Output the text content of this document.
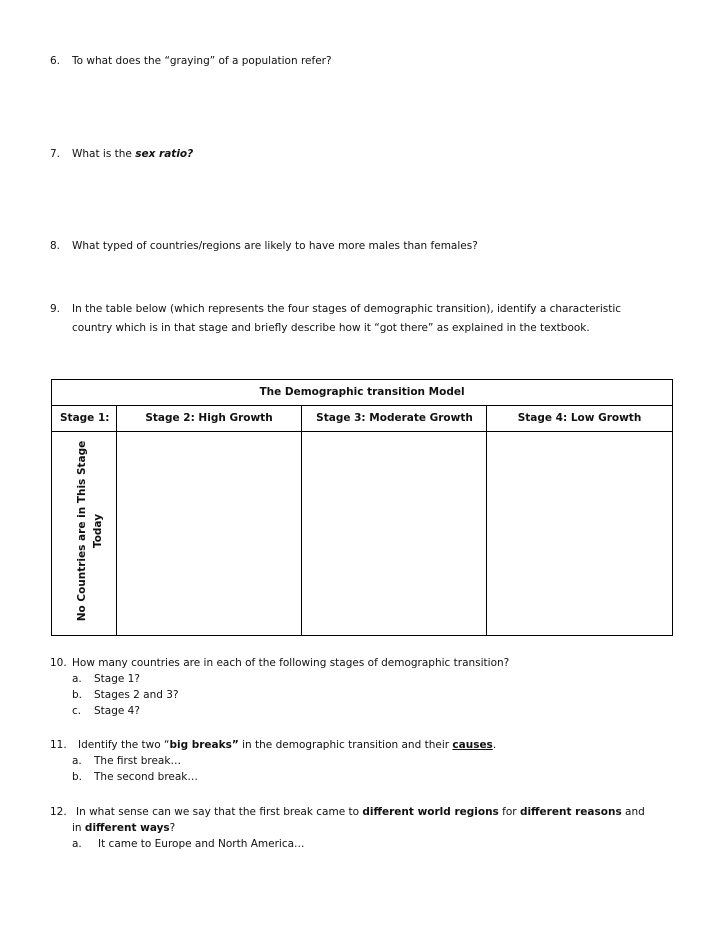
6. To what does the “graying” of a population refer?
7. What is the sex ratio?
8. What typed of countries/regions are likely to have more males than females?
9. In the table below (which represents the four stages of demographic transition), identify a characteristic
country which is in that stage and briefly describe how it “got there” as explained in the textbook.
The Demographic transition Model
Stage 1:	Stage 2: High Growth	Stage 3: Moderate Growth	Stage 4: Low Growth
No Countries are in This Stage Today
10. How many countries are in each of the following stages of demographic transition?
a. Stage 1?
b. Stages 2 and 3?
c. Stage 4?
11. Identify the two “big breaks” in the demographic transition and their causes.
a. The first break…
b. The second break…
12. In what sense can we say that the first break came to different world regions for different reasons and
in different ways?
a. It came to Europe and North America…
